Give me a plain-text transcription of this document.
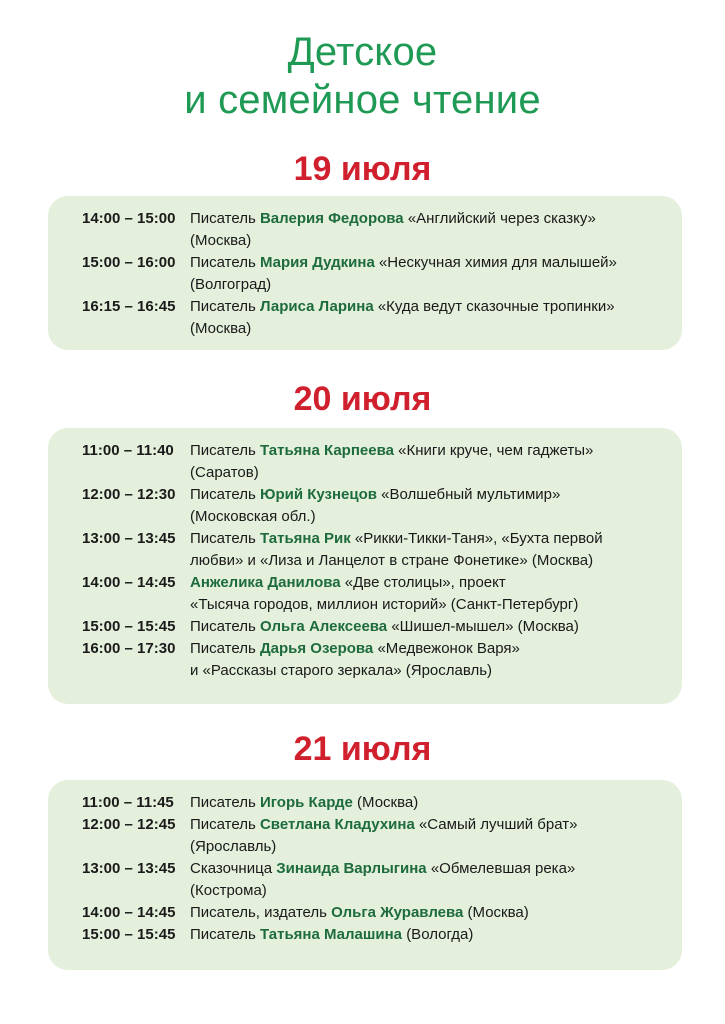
Детское
и семейное чтение
19 июля
14:00 – 15:00 Писатель Валерия Федорова «Английский через сказку»
(Москва)
15:00 – 16:00 Писатель Мария Дудкина «Нескучная химия для малышей»
(Волгоград)
16:15 – 16:45 Писатель Лариса Ларина «Куда ведут сказочные тропинки»
(Москва)
20 июля
11:00 – 11:40	Писатель Татьяна Карпеева «Книги круче, чем гаджеты»
(Саратов)
12:00 – 12:30 Писатель Юрий Кузнецов «Волшебный мультимир»
(Московская обл.)
13:00 – 13:45 Писатель Татьяна Рик «Рикки-Тикки-Таня», «Бухта первой
любви» и «Лиза и Ланцелот в стране Фонетике» (Москва)
14:00 – 14:45 Анжелика Данилова «Две столицы», проект
«Тысяча городов, миллион историй» (Санкт-Петербург)
15:00 – 15:45 Писатель Ольга Алексеева «Шишел-мышел» (Москва)
16:00 – 17:30 Писатель Дарья Озерова «Медвежонок Варя»
и «Рассказы старого зеркала» (Ярославль)
21 июля
11:00 – 11:45	Писатель Игорь Карде (Москва)
12:00 – 12:45 Писатель Светлана Кладухина «Самый лучший брат»
(Ярославль)
13:00 – 13:45 Сказочница Зинаида Варлыгина «Обмелевшая река»
(Кострома)
14:00 – 14:45 Писатель, издатель Ольга Журавлева (Москва)
15:00 – 15:45 Писатель Татьяна Малашина (Вологда)
